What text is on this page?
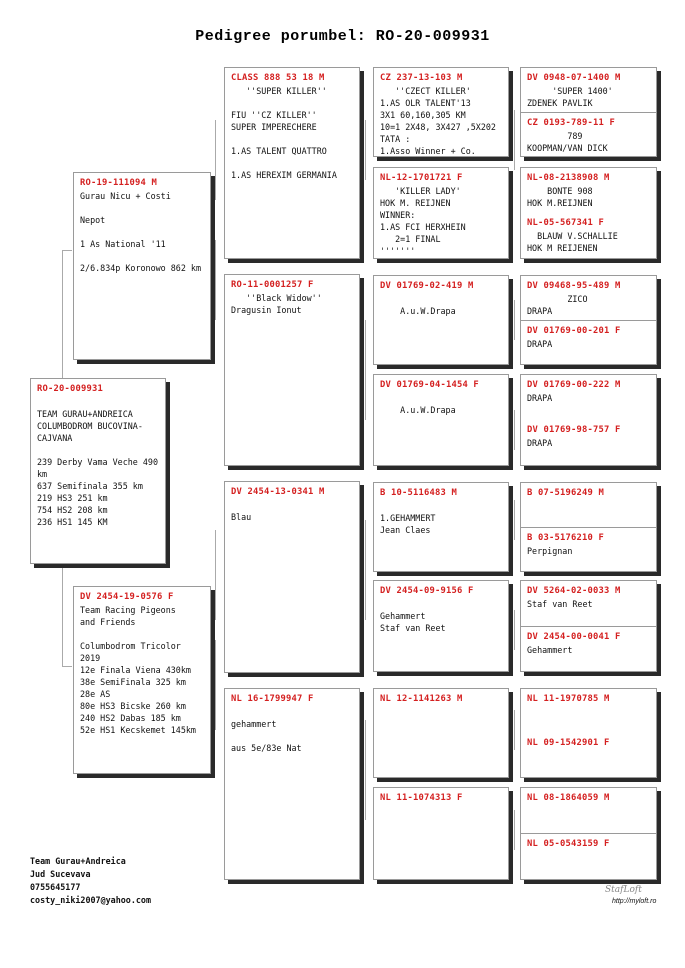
Pedigree porumbel: RO-20-009931
RO-20-009931
TEAM GURAU+ANDREICA
COLUMBODROM BUCOVINA-
CAJVANA
239 Derby Vama Veche 490
km
637 Semifinala 355 km
219 HS3 251 km
754 HS2 208 km
236 HS1 145 KM
RO-19-111094 M
Gurau Nicu + Costi
Nepot
1 As National '11
2/6.834p Koronowo 862 km
DV 2454-19-0576 F
Team Racing Pigeons
and Friends
Columbodrom Tricolor
2019
12e Finala Viena 430km
38e SemiFinala 325 km
28e AS
80e HS3 Bicske 260 km
240 HS2 Dabas 185 km
52e HS1 Kecskemet 145km
CLASS 888 53 18 M
''SUPER KILLER''
FIU ''CZ KILLER''
SUPER IMPERECHERE
1.AS TALENT QUATTRO
1.AS HEREXIM GERMANIA
RO-11-0001257 F
''Black Widow''
Dragusin Ionut
DV 2454-13-0341 M
Blau
NL 16-1799947 F
gehammert
aus 5e/83e Nat
CZ 237-13-103 M
''CZECT KILLER'
1.AS OLR TALENT'13
3X1 60,160,305 KM
10=1 2X48, 3X427 ,5X202
TATA :
1.Asso Winner + Co.
NL-12-1701721 F
'KILLER LADY'
HOK M. REIJNEN
WINNER:
1.AS FCI HERXHEIN
2=1 FINAL
'''''''
DV 01769-02-419 M
A.u.W.Drapa
DV 01769-04-1454 F
A.u.W.Drapa
B 10-5116483 M
1.GEHAMMERT
Jean Claes
DV 2454-09-9156 F
Gehammert
Staf van Reet
NL 12-1141263 M
NL 11-1074313 F
DV 0948-07-1400 M
'SUPER 1400'
ZDENEK PAVLIK
CZ 0193-789-11 F
789
KOOPMAN/VAN DICK
NL-08-2138908 M
BONTE 908
HOK M.REIJNEN
NL-05-567341 F
BLAUW V.SCHALLIE
HOK M REIJENEN
DV 09468-95-489 M
ZICO
DRAPA
DV 01769-00-201 F
DRAPA
DV 01769-00-222 M
DRAPA
DV 01769-98-757 F
DRAPA
B 07-5196249 M
B 03-5176210 F
Perpignan
DV 5264-02-0033 M
Staf van Reet
DV 2454-00-0041 F
Gehammert
NL 11-1970785 M
NL 09-1542901 F
NL 08-1864059 M
NL 05-0543159 F
Team Gurau+Andreica
Jud Sucevava
0755645177
costy_niki2007@yahoo.com
StafLoft
http://myloft.ro
